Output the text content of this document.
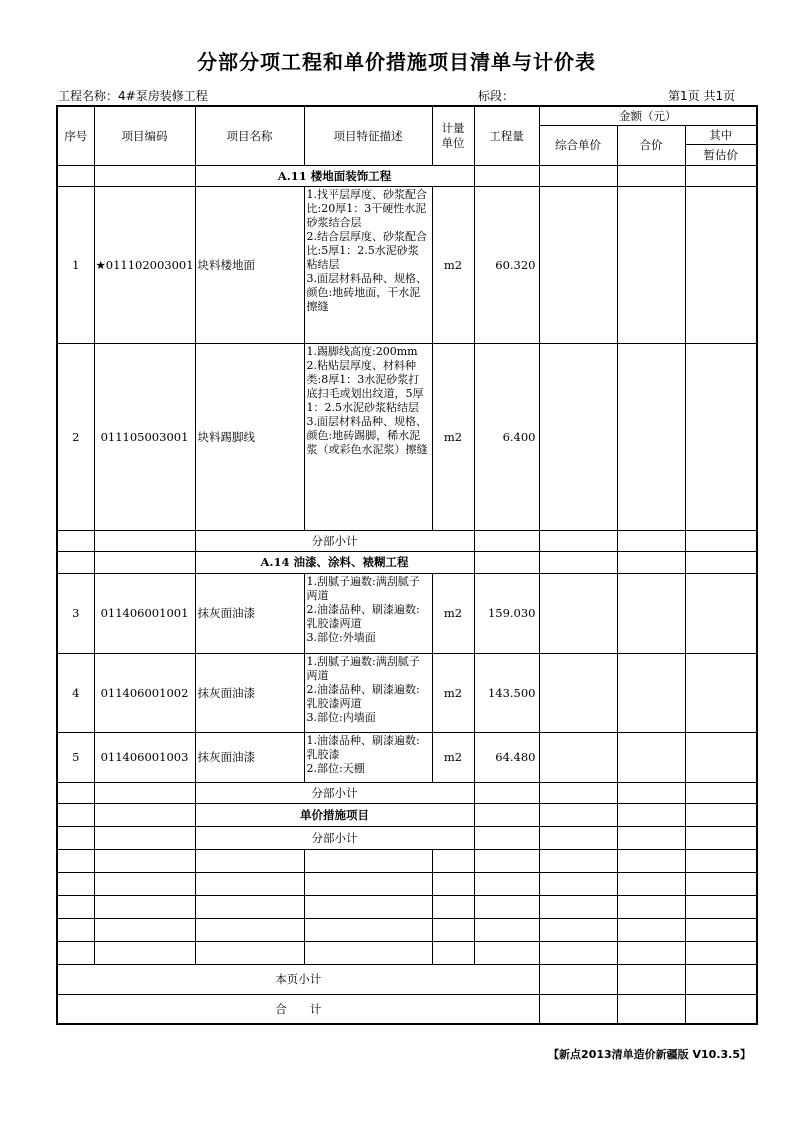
分部分项工程和单价措施项目清单与计价表
工程名称：4#泵房装修工程	标段：	第1页 共1页
序号	项目编码	项目名称	项目特征描述	计量单位	工程量	金额（元）		
						综合单价	合价	其中
								暂估价
		A.11 楼地面装饰工程						
1	★011102003001	块料楼地面	1.找平层厚度、砂浆配合比:20厚1：3干硬性水泥砂浆结合层
2.结合层厚度、砂浆配合比:5厚1：2.5水泥砂浆粘结层
3.面层材料品种、规格、颜色:地砖地面，干水泥擦缝	m2	60.320			
2	011105003001	块料踢脚线	1.踢脚线高度:200mm
2.粘贴层厚度、材料种类:8厚1：3水泥砂浆打底扫毛或划出纹道，5厚1：2.5水泥砂浆粘结层
3.面层材料品种、规格、颜色:地砖踢脚，稀水泥浆（或彩色水泥浆）擦缝	m2	6.400			
		分部小计						
		A.14 油漆、涂料、裱糊工程						
3	011406001001	抹灰面油漆	1.刮腻子遍数:满刮腻子两道
2.油漆品种、刷漆遍数:乳胶漆两道
3.部位:外墙面	m2	159.030			
4	011406001002	抹灰面油漆	1.刮腻子遍数:满刮腻子两道
2.油漆品种、刷漆遍数:乳胶漆两道
3.部位:内墙面	m2	143.500			
5	011406001003	抹灰面油漆	1.油漆品种、刷漆遍数:乳胶漆
2.部位:天棚	m2	64.480			
		分部小计						
		单价措施项目						
		分部小计						

本页小计								
合　　计								
【新点2013清单造价新疆版 V10.3.5】
